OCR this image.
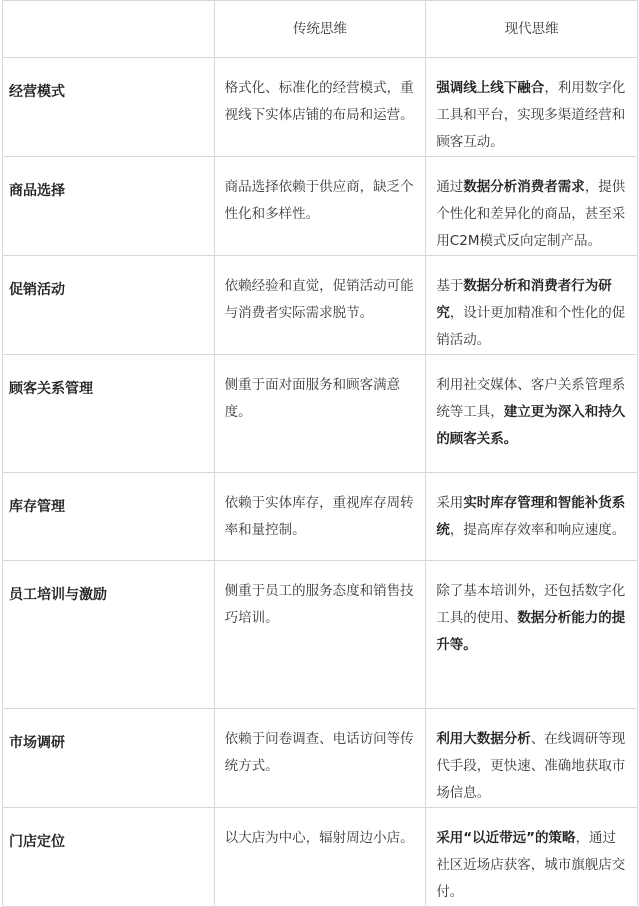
	传统思维	现代思维
经营模式	格式化、标准化的经营模式，重视线下实体店铺的布局和运营。	强调线上线下融合，利用数字化工具和平台，实现多渠道经营和顾客互动。
商品选择	商品选择依赖于供应商，缺乏个性化和多样性。	通过数据分析消费者需求，提供个性化和差异化的商品，甚至采用C2M模式反向定制产品。
促销活动	依赖经验和直觉，促销活动可能与消费者实际需求脱节。	基于数据分析和消费者行为研究，设计更加精准和个性化的促销活动。
顾客关系管理	侧重于面对面服务和顾客满意度。	利用社交媒体、客户关系管理系统等工具，建立更为深入和持久的顾客关系。
库存管理	依赖于实体库存，重视库存周转率和量控制。	采用实时库存管理和智能补货系统，提高库存效率和响应速度。
员工培训与激励	侧重于员工的服务态度和销售技巧培训。	除了基本培训外，还包括数字化工具的使用、数据分析能力的提升等。
市场调研	依赖于问卷调查、电话访问等传统方式。	利用大数据分析、在线调研等现代手段，更快速、准确地获取市场信息。
门店定位	以大店为中心，辐射周边小店。	采用“以近带远”的策略，通过社区近场店获客，城市旗舰店交付。
